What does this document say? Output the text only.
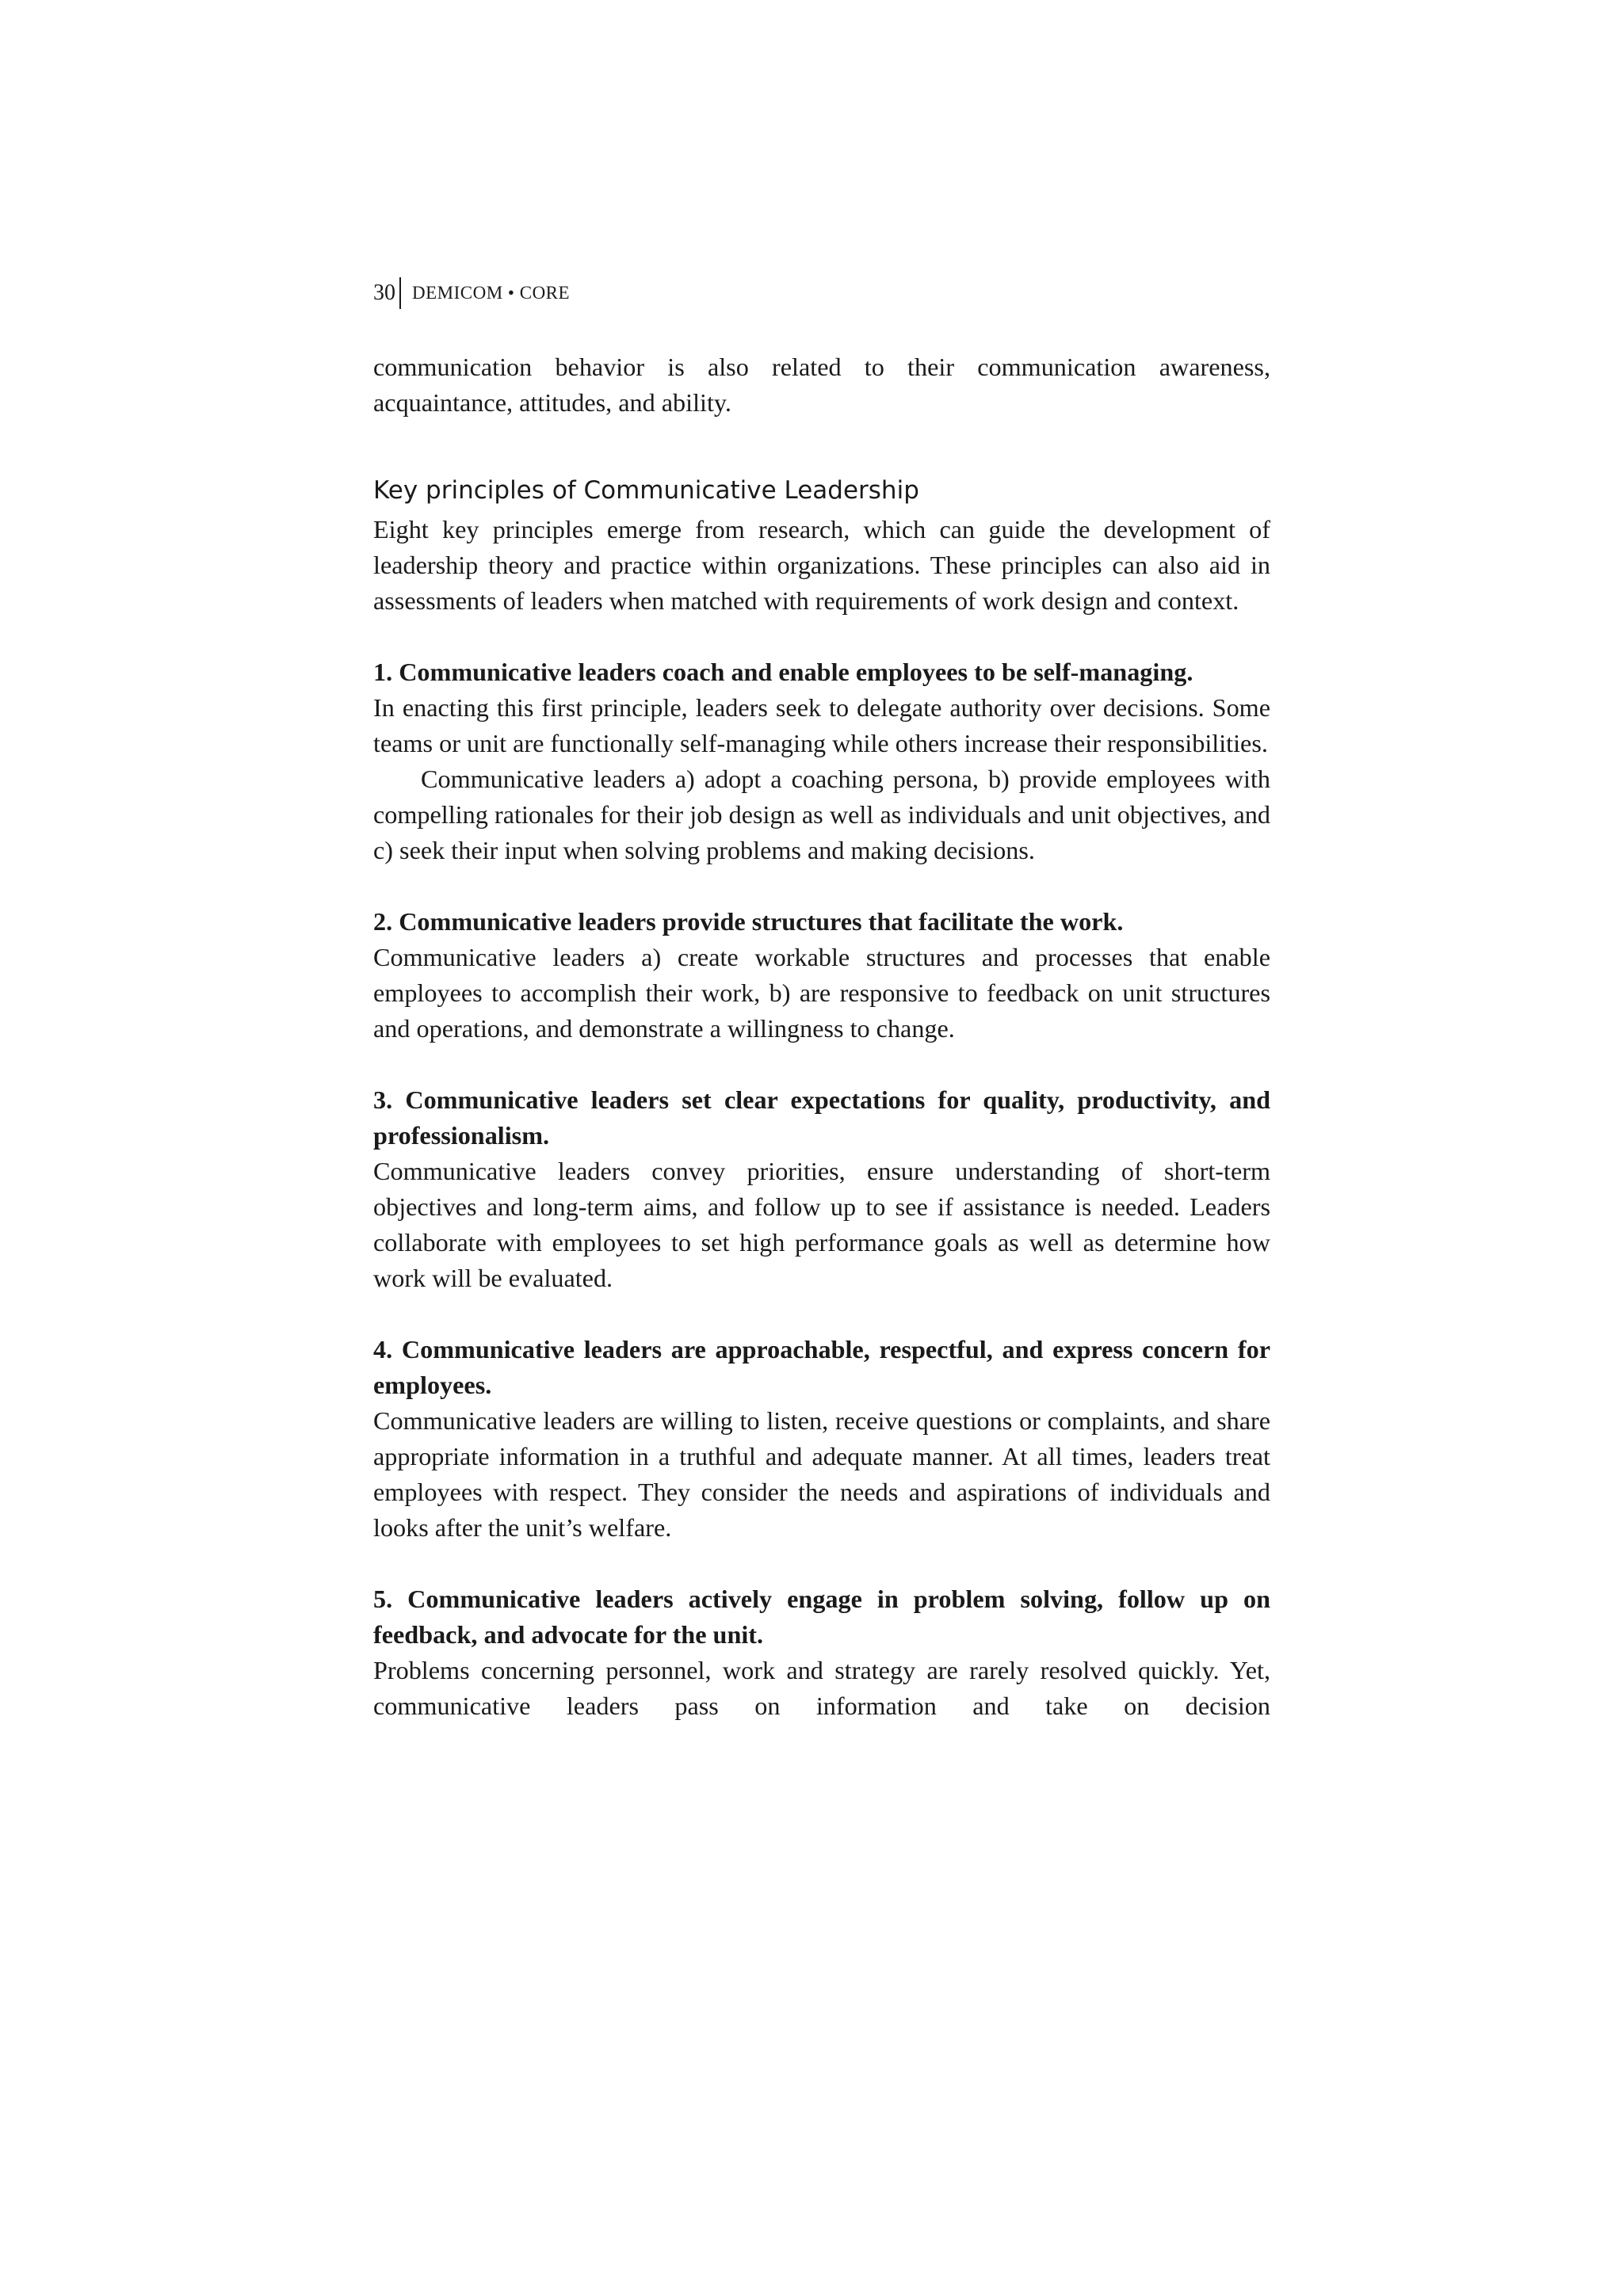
30 DEMICOM • CORE

communication behavior is also related to their communication awareness, acquaintance, attitudes, and ability.

Key principles of Communicative Leadership

Eight key principles emerge from research, which can guide the development of leadership theory and practice within organizations. These principles can also aid in assessments of leaders when matched with requirements of work design and context.

1. Communicative leaders coach and enable employees to be self-managing.

In enacting this first principle, leaders seek to delegate authority over decisions. Some teams or unit are functionally self-managing while others increase their responsibilities.

Communicative leaders a) adopt a coaching persona, b) provide employees with compelling rationales for their job design as well as individuals and unit objectives, and c) seek their input when solving problems and making decisions.

2. Communicative leaders provide structures that facilitate the work.

Communicative leaders a) create workable structures and processes that enable employees to accomplish their work, b) are responsive to feedback on unit structures and operations, and demonstrate a willingness to change.

3. Communicative leaders set clear expectations for quality, productivity, and professionalism.

Communicative leaders convey priorities, ensure understanding of short-term objectives and long-term aims, and follow up to see if assistance is needed. Leaders collaborate with employees to set high performance goals as well as determine how work will be evaluated.

4. Communicative leaders are approachable, respectful, and express concern for employees.

Communicative leaders are willing to listen, receive questions or complaints, and share appropriate information in a truthful and adequate manner. At all times, leaders treat employees with respect. They consider the needs and aspirations of individuals and looks after the unit’s welfare.

5. Communicative leaders actively engage in problem solving, follow up on feedback, and advocate for the unit.

Problems concerning personnel, work and strategy are rarely resolved quickly. Yet, communicative leaders pass on information and take on decision
